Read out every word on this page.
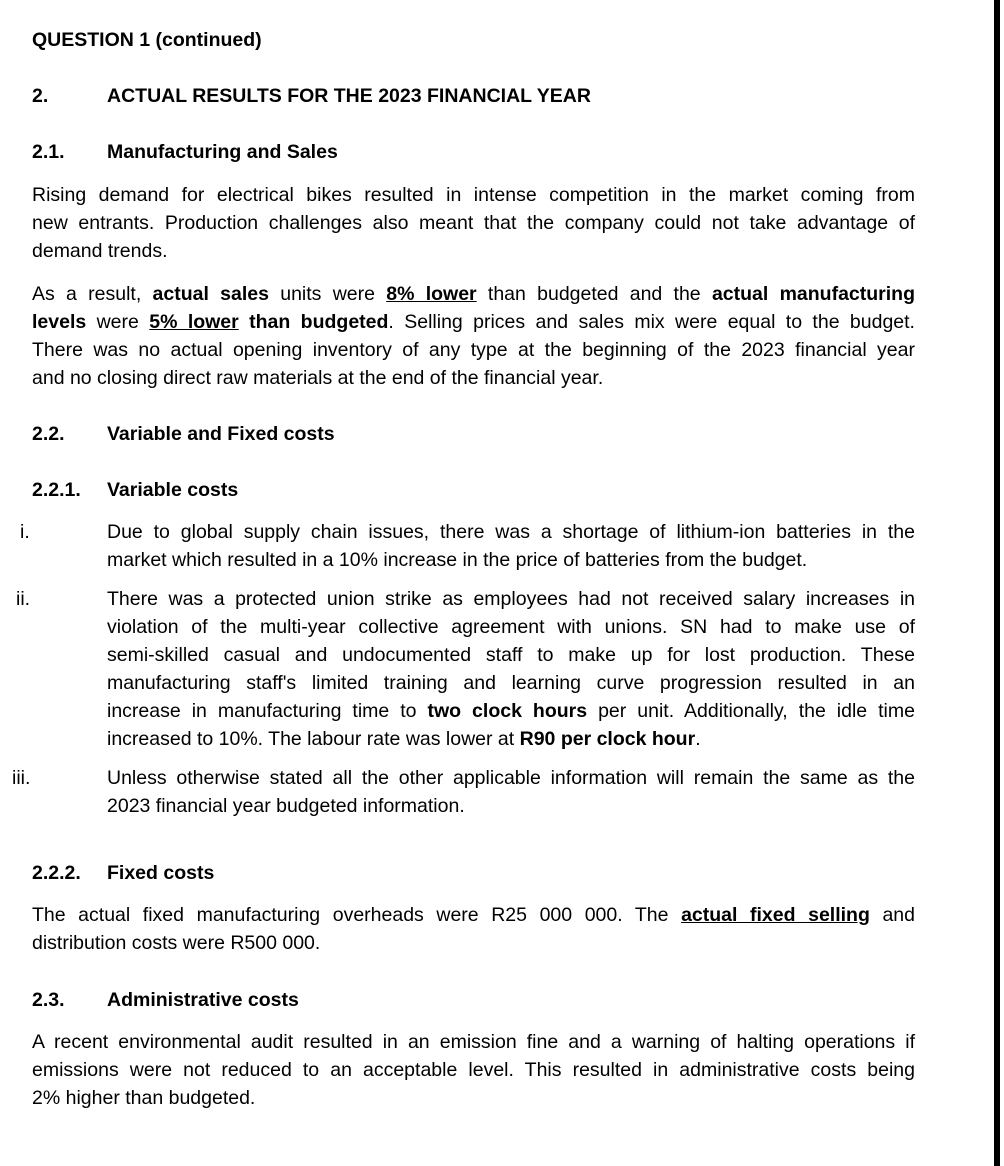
QUESTION 1 (continued)
2.	ACTUAL RESULTS FOR THE 2023 FINANCIAL YEAR
2.1. Manufacturing and Sales
Rising demand for electrical bikes resulted in intense competition in the market coming from
new entrants. Production challenges also meant that the company could not take advantage of
demand trends.
As a result, actual sales units were 8% lower than budgeted and the actual manufacturing
levels were 5% lower than budgeted. Selling prices and sales mix were equal to the budget.
There was no actual opening inventory of any type at the beginning of the 2023 financial year
and no closing direct raw materials at the end of the financial year.
2.2. Variable and Fixed costs
2.2.1. Variable costs
i.	Due to global supply chain issues, there was a shortage of lithium-ion batteries in the
market which resulted in a 10% increase in the price of batteries from the budget.
ii.	There was a protected union strike as employees had not received salary increases in
violation of the multi-year collective agreement with unions. SN had to make use of
semi-skilled casual and undocumented staff to make up for lost production. These
manufacturing staff's limited training and learning curve progression resulted in an
increase in manufacturing time to two clock hours per unit. Additionally, the idle time
increased to 10%. The labour rate was lower at R90 per clock hour.
iii.	Unless otherwise stated all the other applicable information will remain the same as the
2023 financial year budgeted information.
2.2.2. Fixed costs
The actual fixed manufacturing overheads were R25 000 000. The actual fixed selling and
distribution costs were R500 000.
2.3. Administrative costs
A recent environmental audit resulted in an emission fine and a warning of halting operations if
emissions were not reduced to an acceptable level. This resulted in administrative costs being
2% higher than budgeted.
